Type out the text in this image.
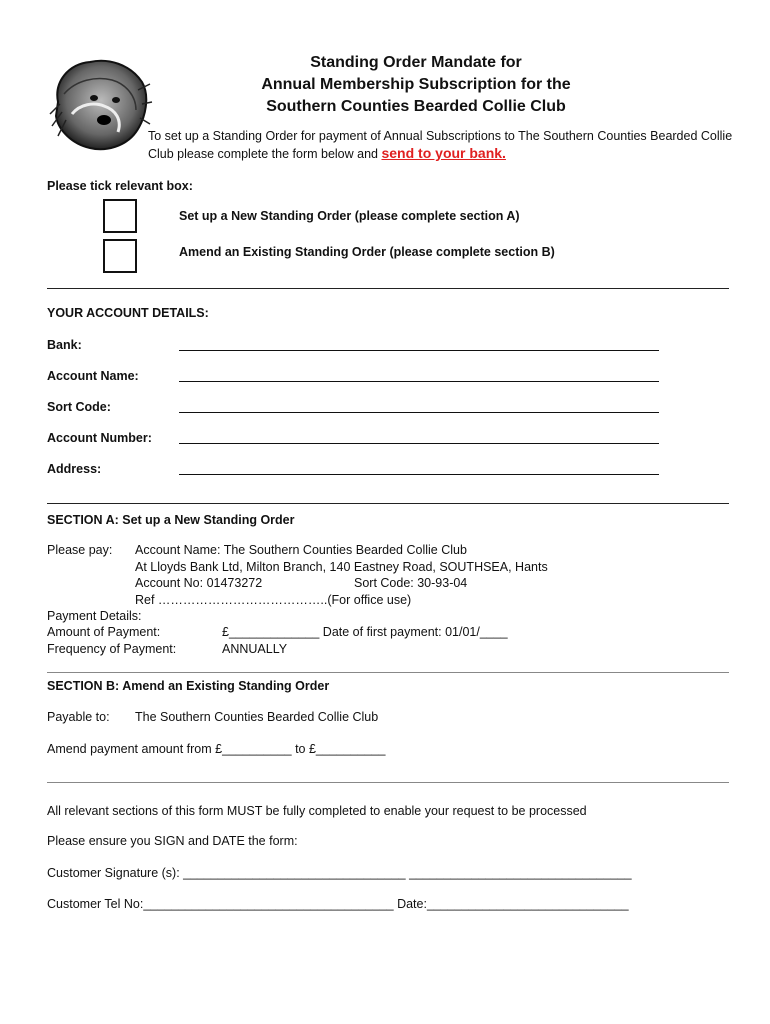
Standing Order Mandate for
Annual Membership Subscription for the
Southern Counties Bearded Collie Club
To set up a Standing Order for payment of Annual Subscriptions to The Southern Counties Bearded Collie Club please complete the form below and send to your bank.
Please tick relevant box:
Set up a New Standing Order (please complete section A)
Amend an Existing Standing Order (please complete section B)
YOUR ACCOUNT DETAILS:
Bank:
Account Name:
Sort Code:
Account Number:
Address:
SECTION A: Set up a New Standing Order
Please pay: Account Name: The Southern Counties Bearded Collie Club
At Lloyds Bank Ltd, Milton Branch, 140 Eastney Road, SOUTHSEA, Hants
Account No: 01473272	Sort Code: 30-93-04
Ref …………………………………..(For office use)
Payment Details:
Amount of Payment:	£_____________ Date of first payment: 01/01/____
Frequency of Payment:	ANNUALLY
SECTION B: Amend an Existing Standing Order
Payable to: The Southern Counties Bearded Collie Club
Amend payment amount from £__________ to £__________
All relevant sections of this form MUST be fully completed to enable your request to be processed
Please ensure you SIGN and DATE the form:
Customer Signature (s): ________________________________ ________________________________
Customer Tel No:____________________________________ Date:_____________________________
